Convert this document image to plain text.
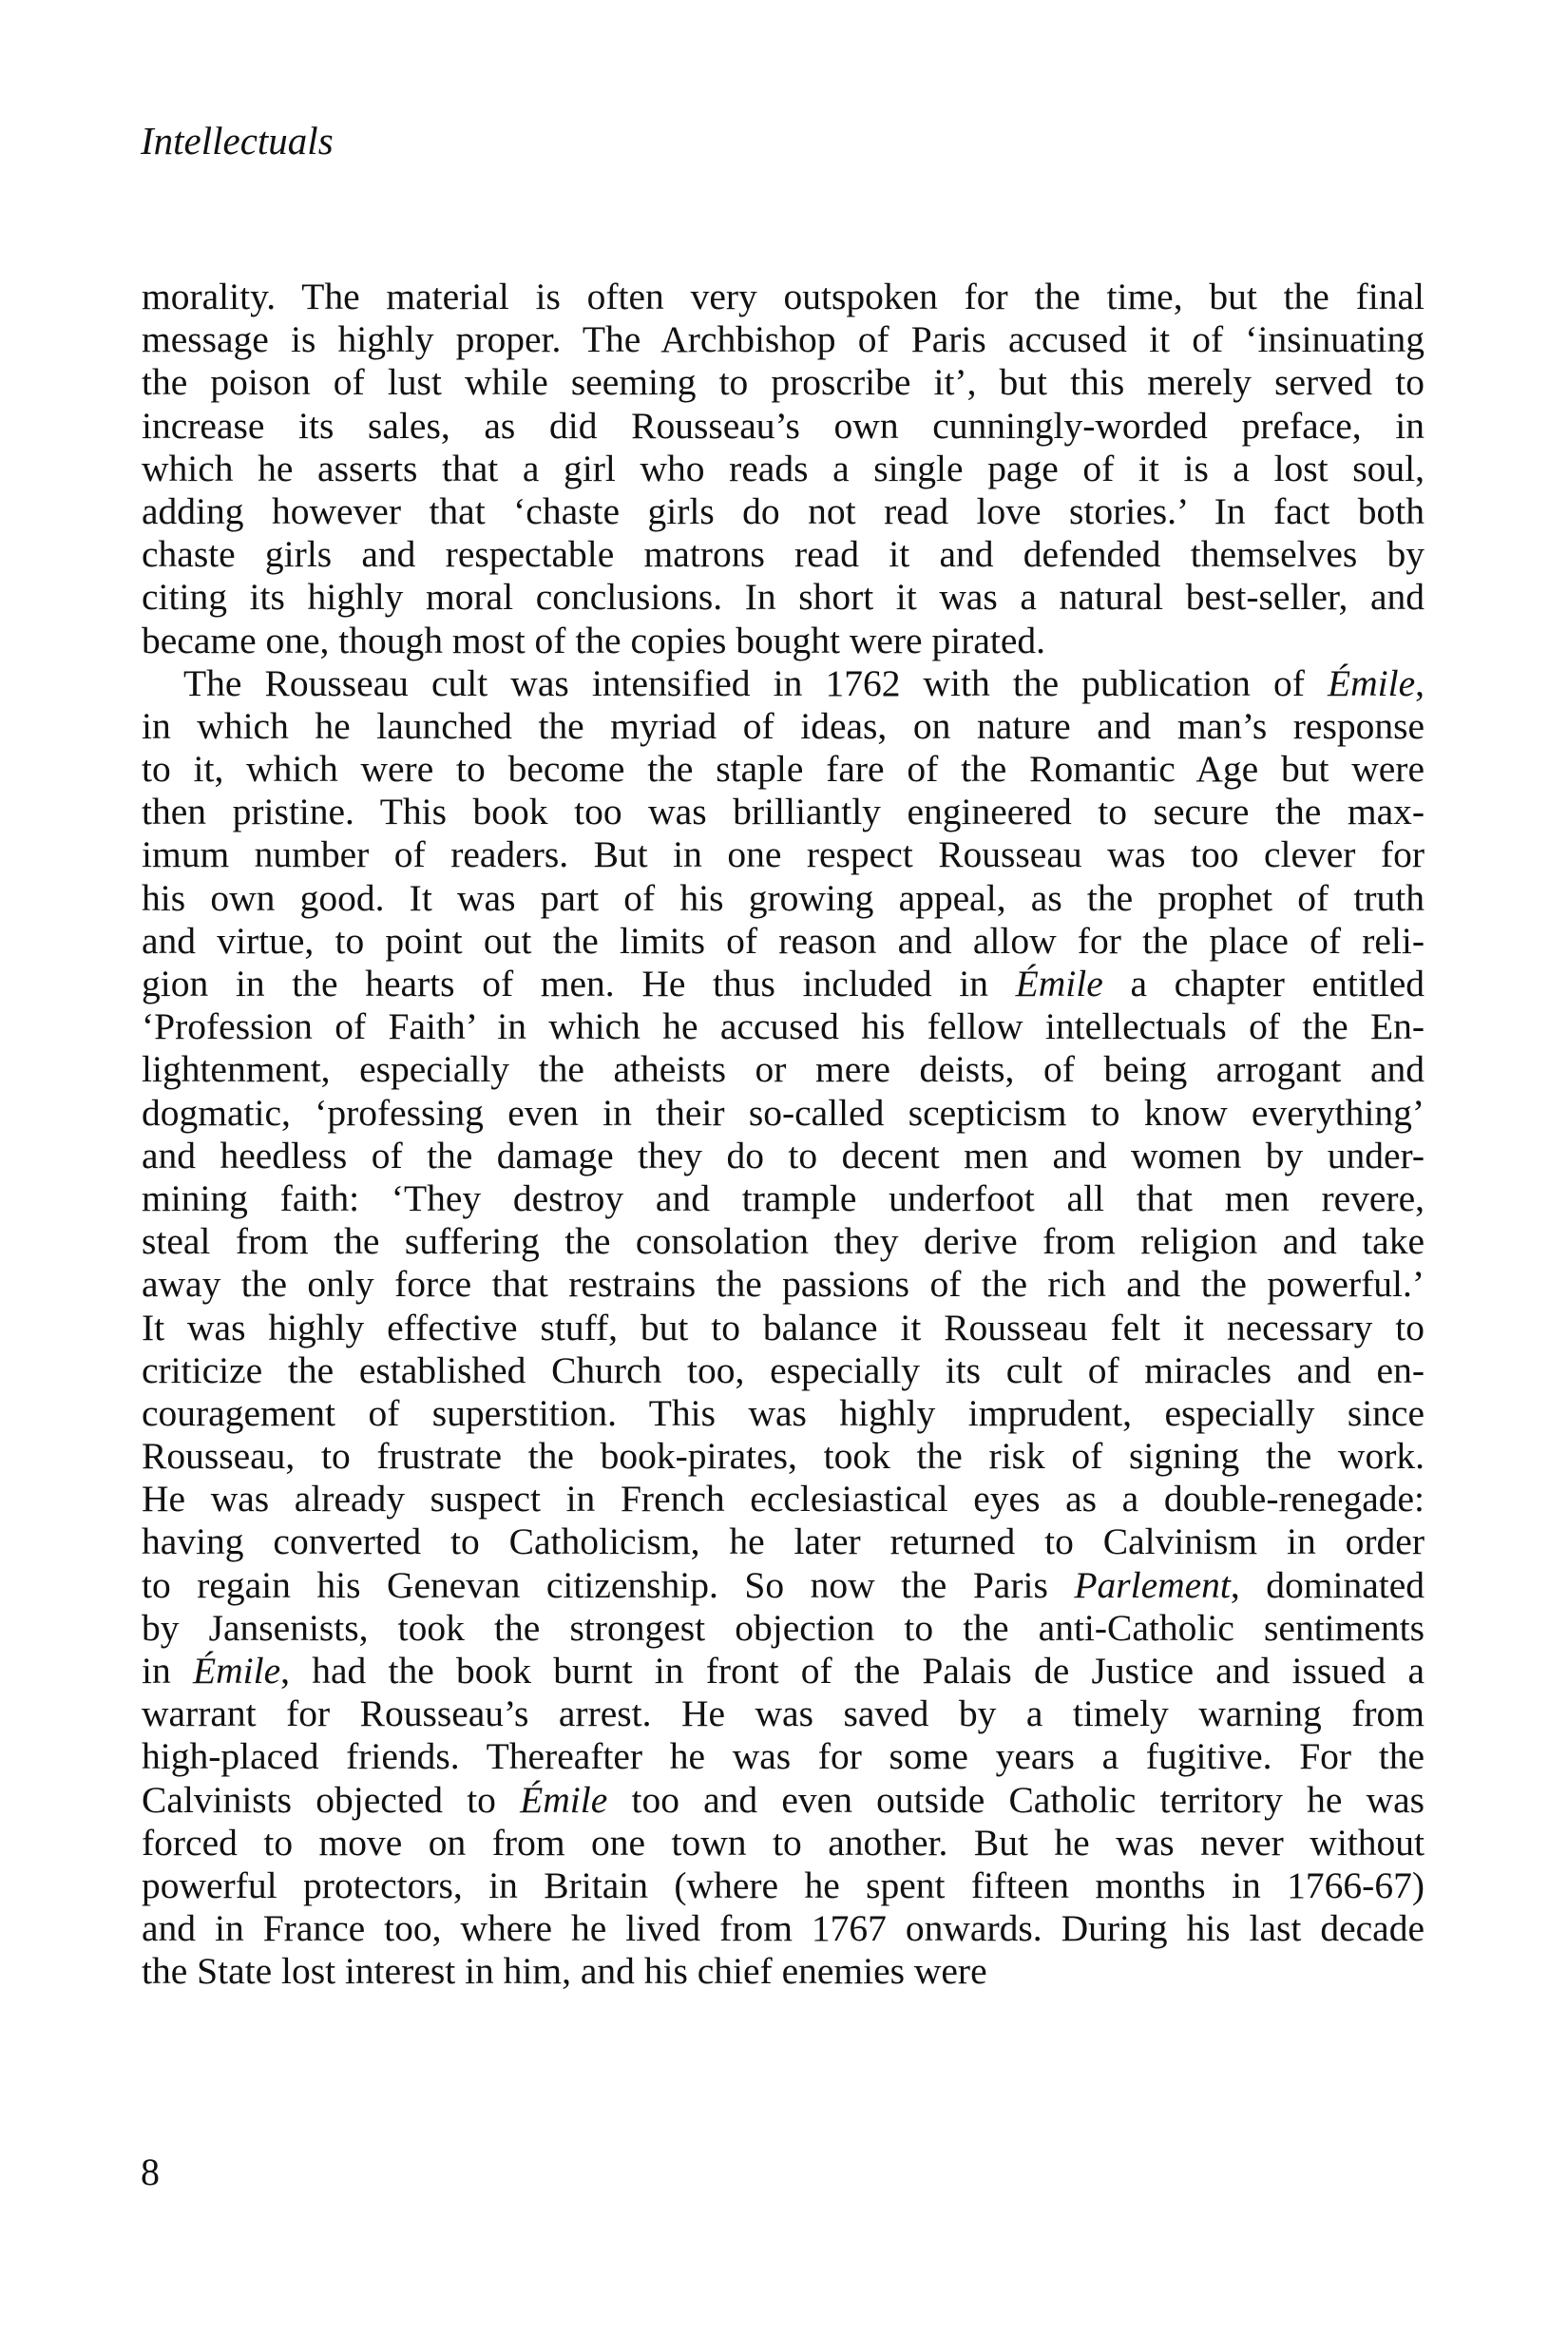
Intellectuals
morality. The material is often very outspoken for the time, but the final
message is highly proper. The Archbishop of Paris accused it of ‘insinuating
the poison of lust while seeming to proscribe it’, but this merely served to
increase its sales, as did Rousseau’s own cunningly-worded preface, in
which he asserts that a girl who reads a single page of it is a lost soul,
adding however that ‘chaste girls do not read love stories.’ In fact both
chaste girls and respectable matrons read it and defended themselves by
citing its highly moral conclusions. In short it was a natural best-seller, and
became one, though most of the copies bought were pirated.
The Rousseau cult was intensified in 1762 with the publication of Émile,
in which he launched the myriad of ideas, on nature and man’s response
to it, which were to become the staple fare of the Romantic Age but were
then pristine. This book too was brilliantly engineered to secure the max-
imum number of readers. But in one respect Rousseau was too clever for
his own good. It was part of his growing appeal, as the prophet of truth
and virtue, to point out the limits of reason and allow for the place of reli-
gion in the hearts of men. He thus included in Émile a chapter entitled
‘Profession of Faith’ in which he accused his fellow intellectuals of the En-
lightenment, especially the atheists or mere deists, of being arrogant and
dogmatic, ‘professing even in their so-called scepticism to know everything’
and heedless of the damage they do to decent men and women by under-
mining faith: ‘They destroy and trample underfoot all that men revere,
steal from the suffering the consolation they derive from religion and take
away the only force that restrains the passions of the rich and the powerful.’
It was highly effective stuff, but to balance it Rousseau felt it necessary to
criticize the established Church too, especially its cult of miracles and en-
couragement of superstition. This was highly imprudent, especially since
Rousseau, to frustrate the book-pirates, took the risk of signing the work.
He was already suspect in French ecclesiastical eyes as a double-renegade:
having converted to Catholicism, he later returned to Calvinism in order
to regain his Genevan citizenship. So now the Paris Parlement, dominated
by Jansenists, took the strongest objection to the anti-Catholic sentiments
in Émile, had the book burnt in front of the Palais de Justice and issued a
warrant for Rousseau’s arrest. He was saved by a timely warning from
high-placed friends. Thereafter he was for some years a fugitive. For the
Calvinists objected to Émile too and even outside Catholic territory he was
forced to move on from one town to another. But he was never without
powerful protectors, in Britain (where he spent fifteen months in 1766-67)
and in France too, where he lived from 1767 onwards. During his last decade
the State lost interest in him, and his chief enemies were
8
